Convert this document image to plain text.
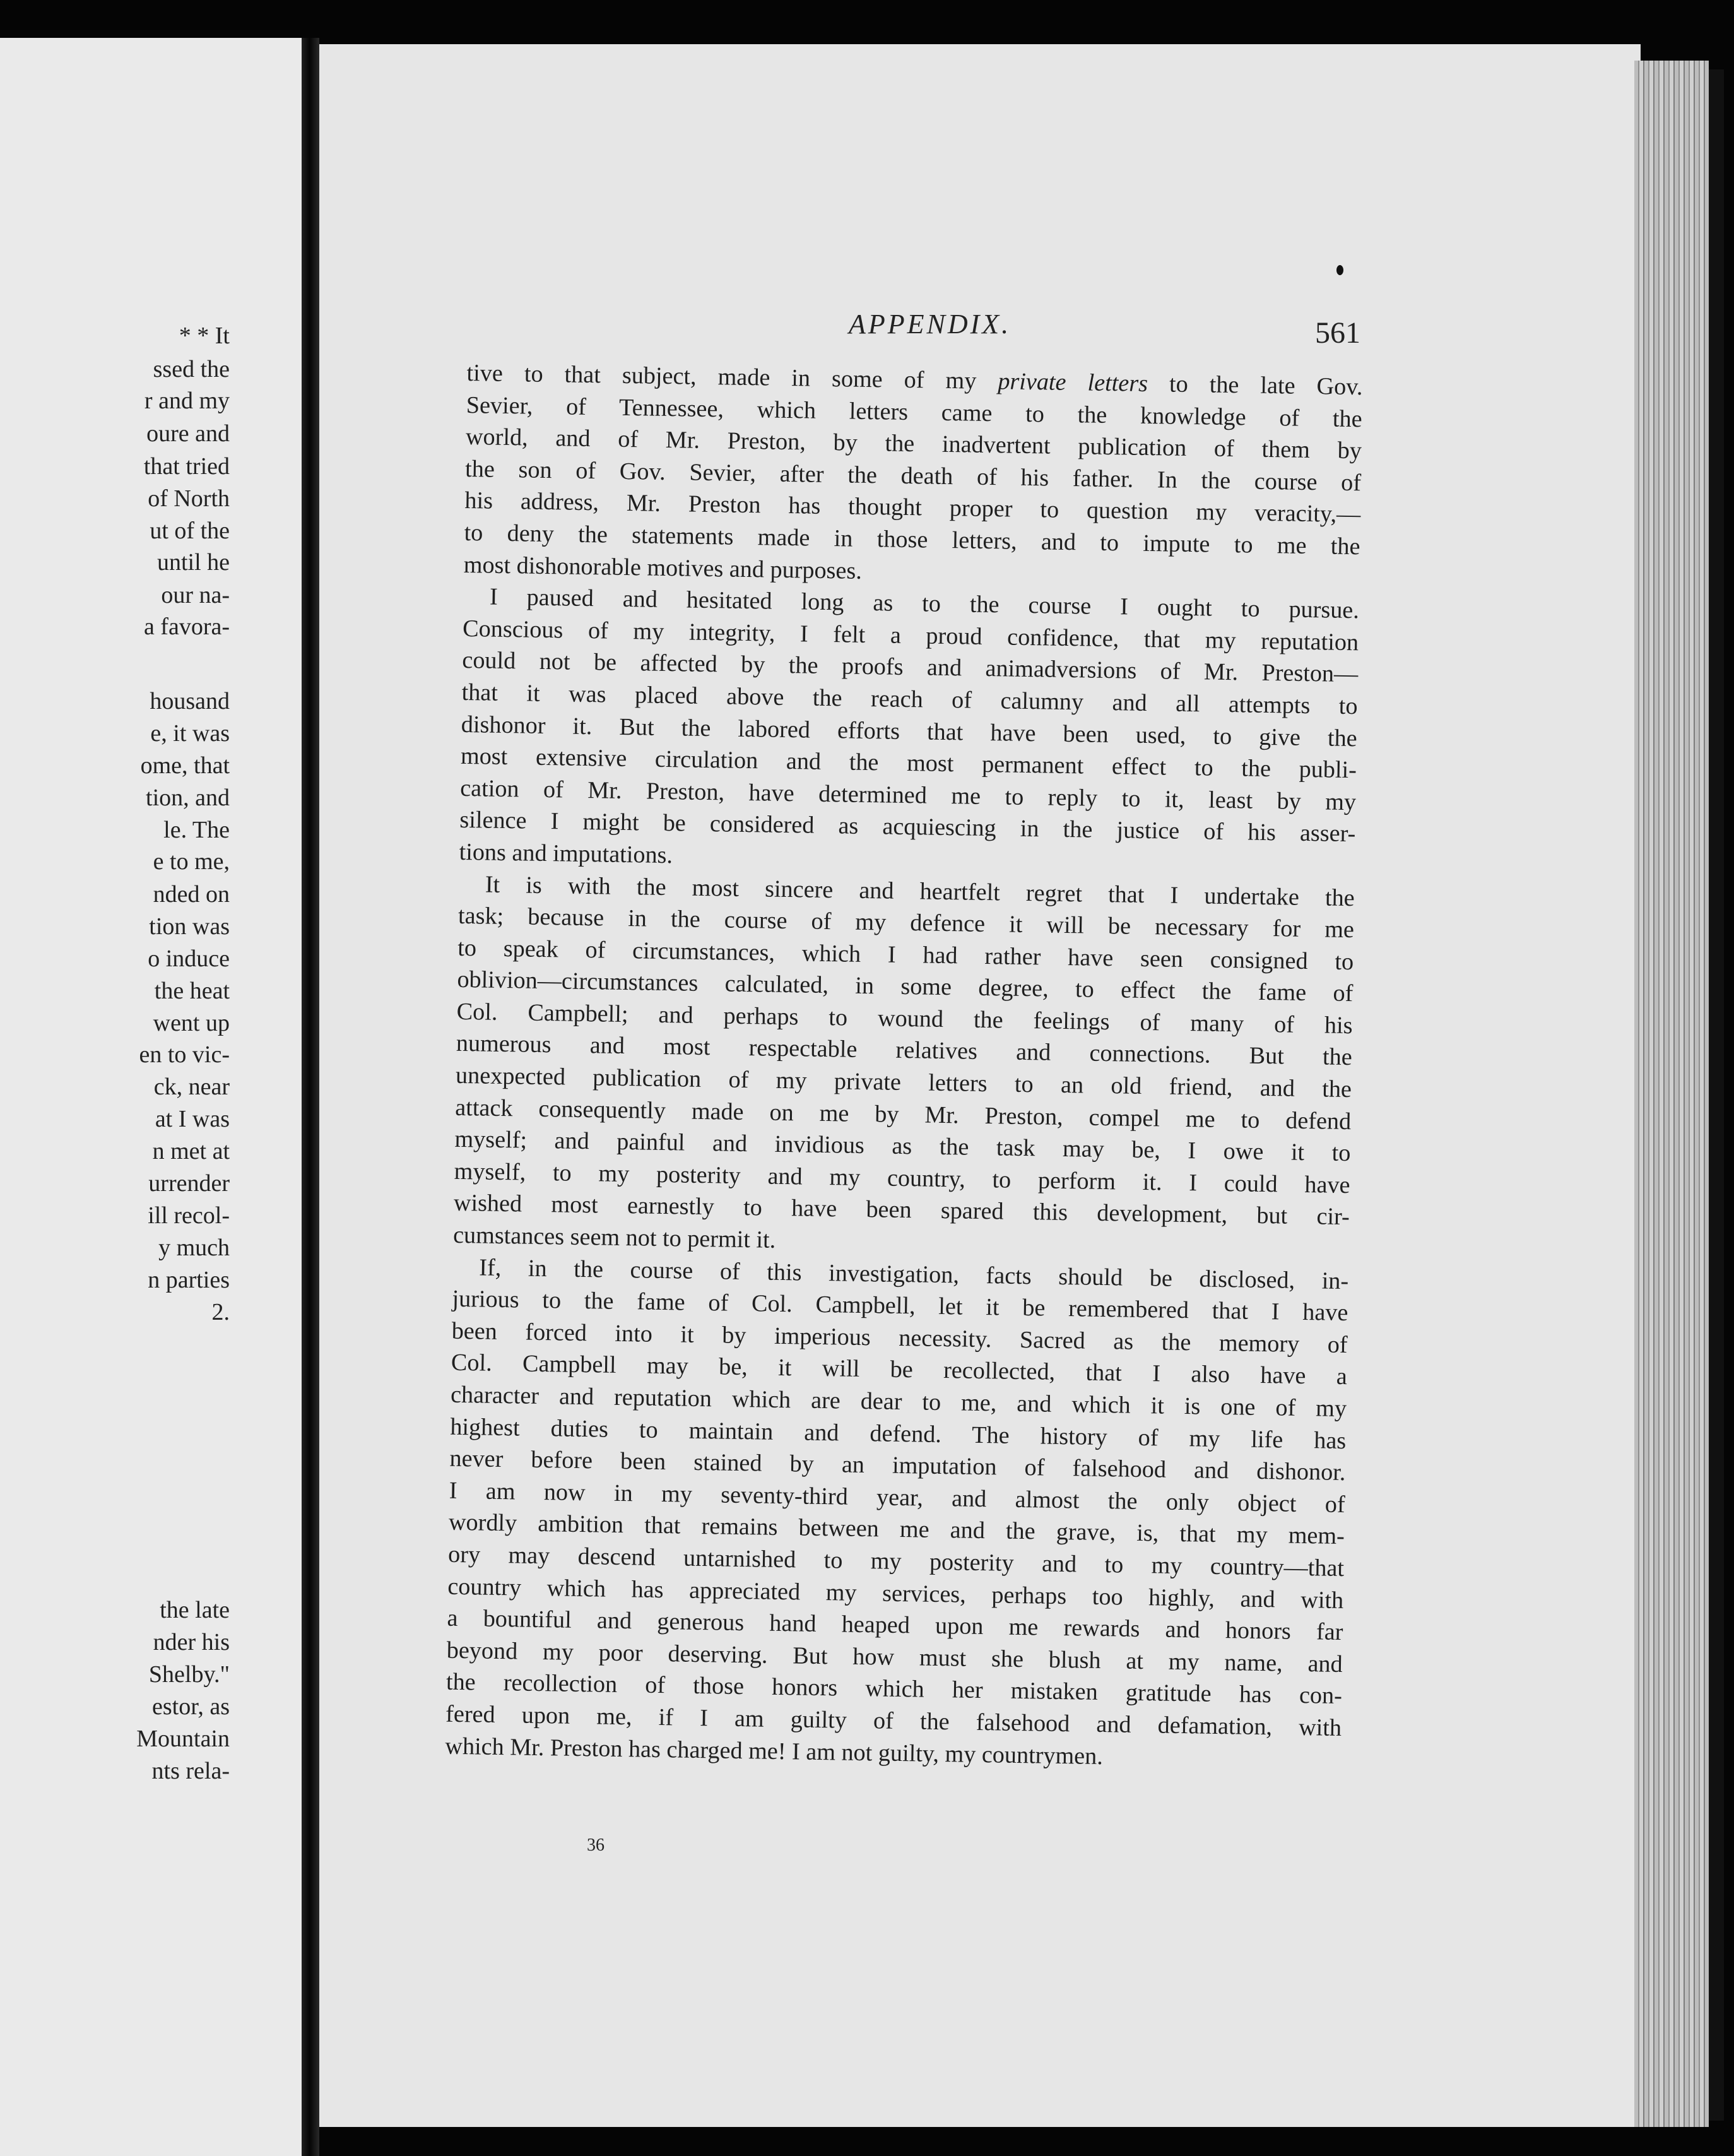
* * It
ssed the
r and my
oure and
that tried
of North
ut of the
until he
our na-
a favora-
housand
e, it was
ome, that
tion, and
le. The
e to me,
nded on
tion was
o induce
the heat
went up
en to vic-
ck, near
at I was
n met at
urrender
ill recol-
y much
n parties
2.
the late
nder his
Shelby."
estor, as
Mountain
nts rela-
APPENDIX.	561
tive to that subject, made in some of my private letters to the late Gov.
Sevier, of Tennessee, which letters came to the knowledge of the
world, and of Mr. Preston, by the inadvertent publication of them by
the son of Gov. Sevier, after the death of his father. In the course of
his address, Mr. Preston has thought proper to question my veracity,—
to deny the statements made in those letters, and to impute to me the
most dishonorable motives and purposes.
I paused and hesitated long as to the course I ought to pursue.
Conscious of my integrity, I felt a proud confidence, that my reputation
could not be affected by the proofs and animadversions of Mr. Preston—
that it was placed above the reach of calumny and all attempts to
dishonor it. But the labored efforts that have been used, to give the
most extensive circulation and the most permanent effect to the publi-
cation of Mr. Preston, have determined me to reply to it, least by my
silence I might be considered as acquiescing in the justice of his asser-
tions and imputations.
It is with the most sincere and heartfelt regret that I undertake the
task; because in the course of my defence it will be necessary for me
to speak of circumstances, which I had rather have seen consigned to
oblivion—circumstances calculated, in some degree, to effect the fame of
Col. Campbell; and perhaps to wound the feelings of many of his
numerous and most respectable relatives and connections. But the
unexpected publication of my private letters to an old friend, and the
attack consequently made on me by Mr. Preston, compel me to defend
myself; and painful and invidious as the task may be, I owe it to
myself, to my posterity and my country, to perform it. I could have
wished most earnestly to have been spared this development, but cir-
cumstances seem not to permit it.
If, in the course of this investigation, facts should be disclosed, in-
jurious to the fame of Col. Campbell, let it be remembered that I have
been forced into it by imperious necessity. Sacred as the memory of
Col. Campbell may be, it will be recollected, that I also have a
character and reputation which are dear to me, and which it is one of my
highest duties to maintain and defend. The history of my life has
never before been stained by an imputation of falsehood and dishonor.
I am now in my seventy-third year, and almost the only object of
wordly ambition that remains between me and the grave, is, that my mem-
ory may descend untarnished to my posterity and to my country—that
country which has appreciated my services, perhaps too highly, and with
a bountiful and generous hand heaped upon me rewards and honors far
beyond my poor deserving. But how must she blush at my name, and
the recollection of those honors which her mistaken gratitude has con-
fered upon me, if I am guilty of the falsehood and defamation, with
which Mr. Preston has charged me! I am not guilty, my countrymen.
36
